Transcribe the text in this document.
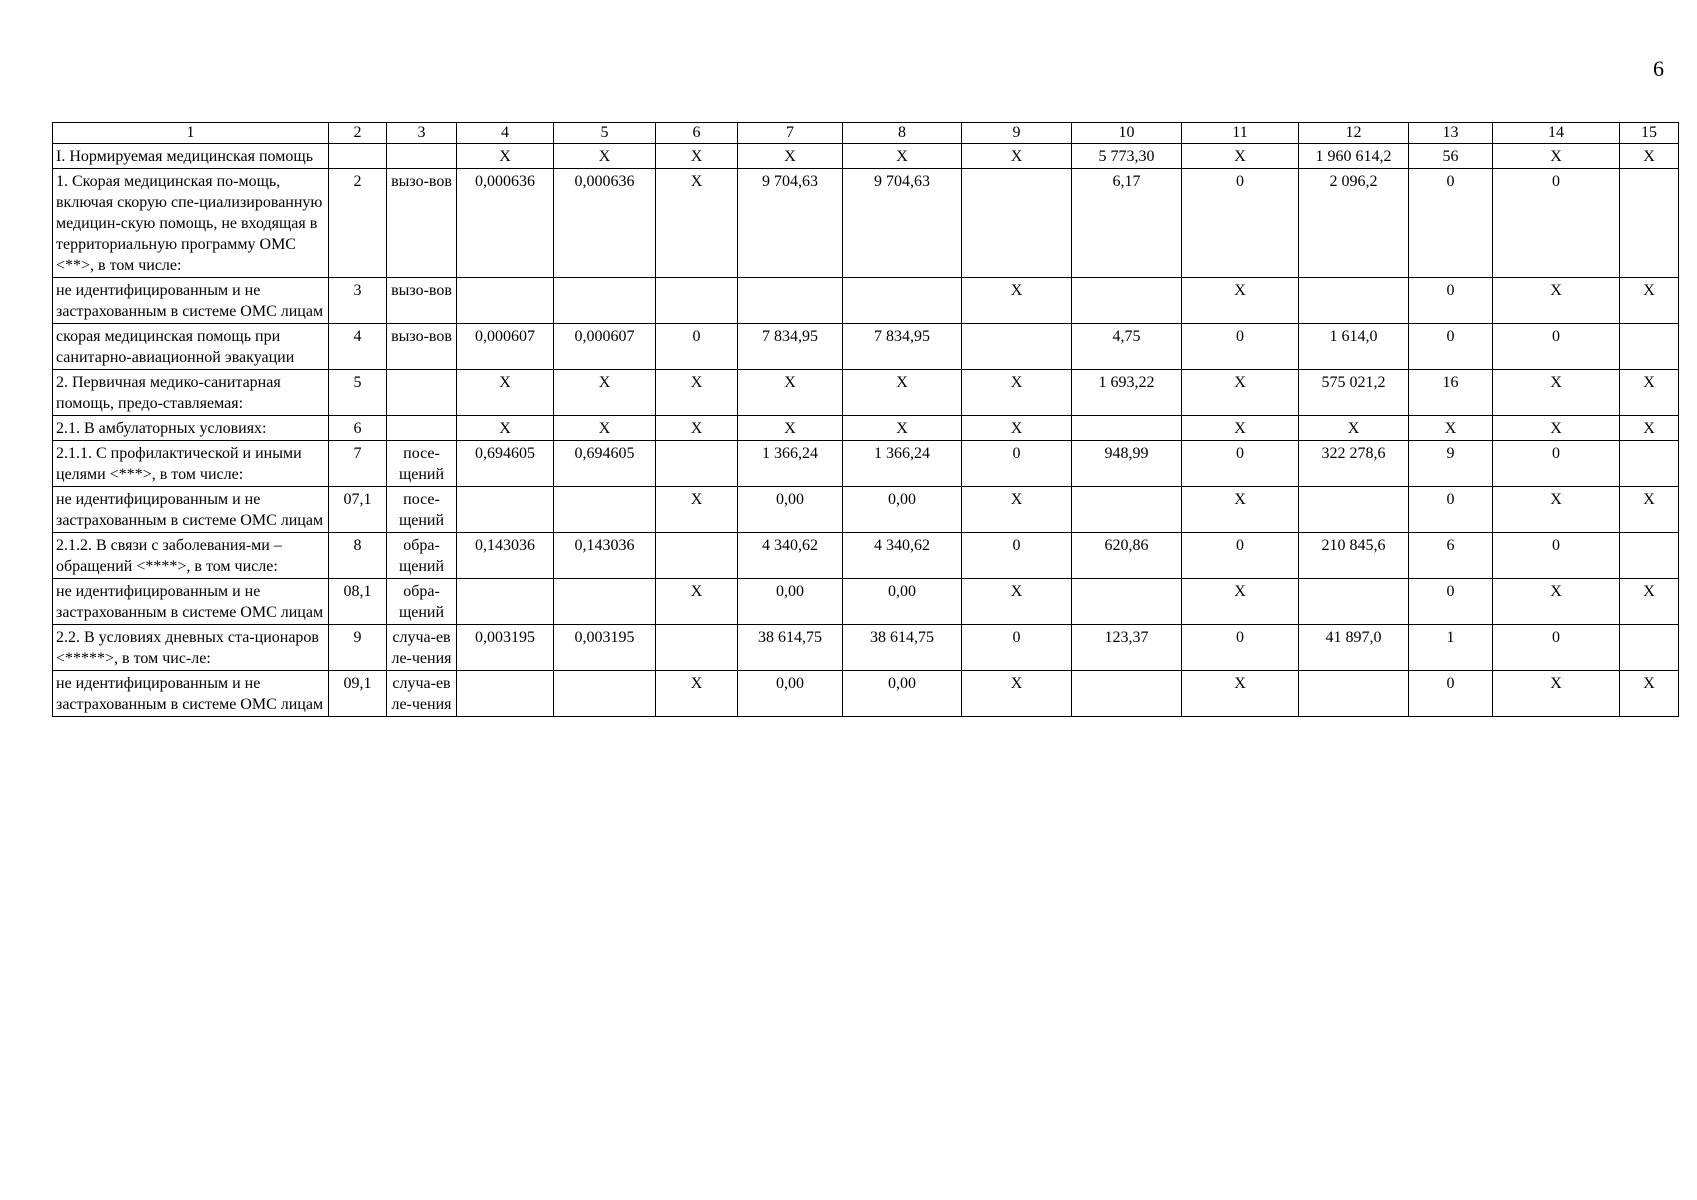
6
1	2	3	4	5	6	7	8	9	10	11	12	13	14	15
I. Нормируемая медицинская помощь			X	X	X	X	X	X	5 773,30	X	1 960 614,2	56	X	X
1. Скорая медицинская по-мощь, включая скорую спе-циализированную медицин-скую помощь, не входящая в территориальную программу ОМС <**>, в том числе:	2	вызо-вов	0,000636	0,000636	X	9 704,63	9 704,63		6,17	0	2 096,2	0	0	
не идентифицированным и не застрахованным в системе ОМС лицам	3	вызо-вов						X		X		0	X	X
скорая медицинская помощь при санитарно-авиационной эвакуации	4	вызо-вов	0,000607	0,000607	0	7 834,95	7 834,95		4,75	0	1 614,0	0	0	
2. Первичная медико-санитарная помощь, предо-ставляемая:	5		X	X	X	X	X	X	1 693,22	X	575 021,2	16	X	X
2.1. В амбулаторных условиях:	6		X	X	X	X	X	X		X	X	X	X	X
2.1.1. С профилактической и иными целями <***>, в том числе:	7	посе-щений	0,694605	0,694605		1 366,24	1 366,24	0	948,99	0	322 278,6	9	0	
не идентифицированным и не застрахованным в системе ОМС лицам	07,1	посе-щений			X	0,00	0,00	X		X		0	X	X
2.1.2. В связи с заболевания-ми – обращений <****>, в том числе:	8	обра-щений	0,143036	0,143036		4 340,62	4 340,62	0	620,86	0	210 845,6	6	0	
не идентифицированным и не застрахованным в системе ОМС лицам	08,1	обра-щений			X	0,00	0,00	X		X		0	X	X
2.2. В условиях дневных ста-ционаров <*****>, в том чис-ле:	9	случа-ев ле-чения	0,003195	0,003195		38 614,75	38 614,75	0	123,37	0	41 897,0	1	0	
не идентифицированным и не застрахованным в системе ОМС лицам	09,1	случа-ев ле-чения			X	0,00	0,00	X		X		0	X	X
